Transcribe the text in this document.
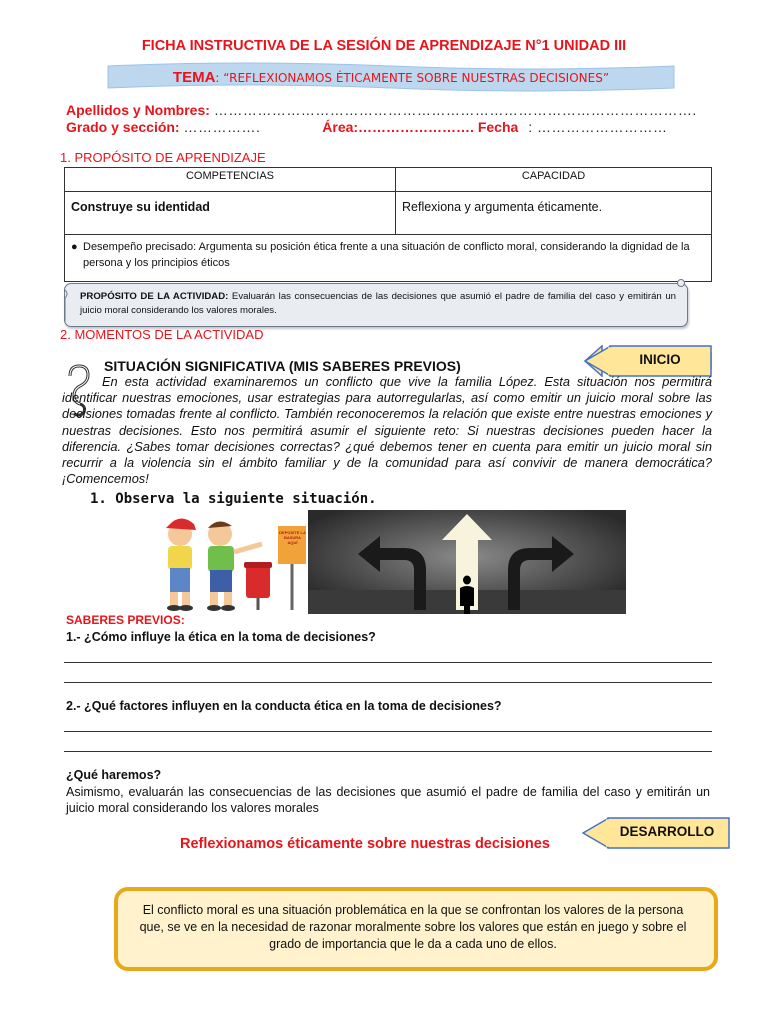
FICHA INSTRUCTIVA DE LA SESIÓN DE APRENDIZAJE N°1 UNIDAD III
TEMA: “REFLEXIONAMOS ÉTICAMENTE SOBRE NUESTRAS DECISIONES”
Apellidos y Nombres: ……………………………………………………………………………………….
Grado y sección: …………….	Área:……………………. Fecha : ………………………
1. PROPÓSITO DE APRENDIZAJE
COMPETENCIAS	CAPACIDAD
Construye su identidad	Reflexiona y argumenta éticamente.

● Desempeño precisado: Argumenta su posición ética frente a una situación de conflicto moral, considerando la dignidad de la persona y los principios éticos	
PROPÓSITO DE LA ACTIVIDAD: Evaluarán las consecuencias de las decisiones que asumió el padre de familia del caso y emitirán un juicio moral considerando los valores morales.
2. MOMENTOS DE LA ACTIVIDAD
INICIO
SITUACIÓN SIGNIFICATIVA (MIS SABERES PREVIOS)
En esta actividad examinaremos un conflicto que vive la familia López. Esta situación nos permitirá identificar nuestras emociones, usar estrategias para autorregularlas, así como emitir un juicio moral sobre las decisiones tomadas frente al conflicto. También reconoceremos la relación que existe entre nuestras emociones y nuestras decisiones. Esto nos permitirá asumir el siguiente reto: Si nuestras decisiones pueden hacer la diferencia. ¿Sabes tomar decisiones correctas? ¿qué debemos tener en cuenta para emitir un juicio moral sin recurrir a la violencia sin el ámbito familiar y de la comunidad para así convivir de manera democrática? ¡Comencemos!
1. Observa la siguiente situación.
DEPOSITE LA BASURA AQUÍ
SABERES PREVIOS:
1.- ¿Cómo influye la ética en la toma de decisiones?
2.- ¿Qué factores influyen en la conducta ética en la toma de decisiones?
¿Qué haremos?
Asimismo, evaluarán las consecuencias de las decisiones que asumió el padre de familia del caso y emitirán un juicio moral considerando los valores morales
DESARROLLO
Reflexionamos éticamente sobre nuestras decisiones
El conflicto moral es una situación problemática en la que se confrontan los valores de la persona que, se ve en la necesidad de razonar moralmente sobre los valores que están en juego y sobre el grado de importancia que le da a cada uno de ellos.
